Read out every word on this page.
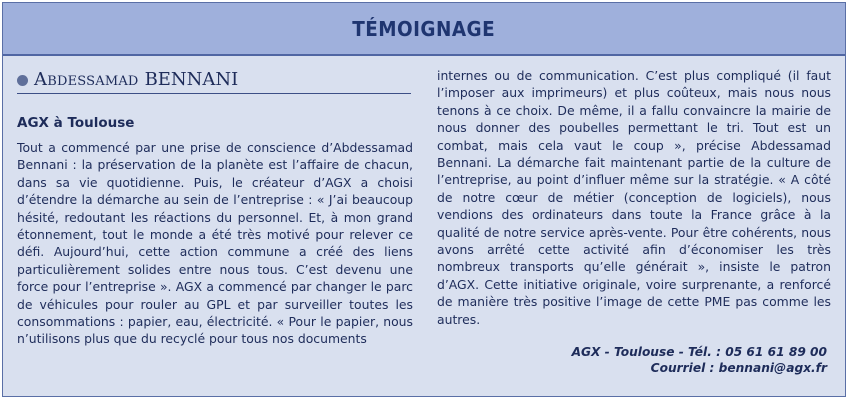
TÉMOIGNAGE
Abdessamad BENNANI
AGX à Toulouse
Tout a commencé par une prise de conscience d’Abdessamad Bennani : la préservation de la planète est l’affaire de chacun, dans sa vie quotidienne. Puis, le créateur d’AGX a choisi d’étendre la démarche au sein de l’entreprise : « J’ai beaucoup hésité, redoutant les réactions du personnel. Et, à mon grand étonnement, tout le monde a été très motivé pour relever ce défi. Aujourd’hui, cette action commune a créé des liens particulièrement solides entre nous tous. C’est devenu une force pour l’entreprise ». AGX a commencé par changer le parc de véhicules pour rouler au GPL et par surveiller toutes les consommations : papier, eau, électricité. « Pour le papier, nous n’utilisons plus que du recyclé pour tous nos documents
internes ou de communication. C’est plus compliqué (il faut l’imposer aux imprimeurs) et plus coûteux, mais nous nous tenons à ce choix. De même, il a fallu convaincre la mairie de nous donner des poubelles permettant le tri. Tout est un combat, mais cela vaut le coup », précise Abdessamad Bennani. La démarche fait maintenant partie de la culture de l’entreprise, au point d’influer même sur la stratégie. « A côté de notre cœur de métier (conception de logiciels), nous vendions des ordinateurs dans toute la France grâce à la qualité de notre service après-vente. Pour être cohérents, nous avons arrêté cette activité afin d’économiser les très nombreux transports qu’elle générait », insiste le patron d’AGX. Cette initiative originale, voire surprenante, a renforcé de manière très positive l’image de cette PME pas comme les autres.
AGX - Toulouse - Tél. : 05 61 61 89 00
Courriel : bennani@agx.fr
